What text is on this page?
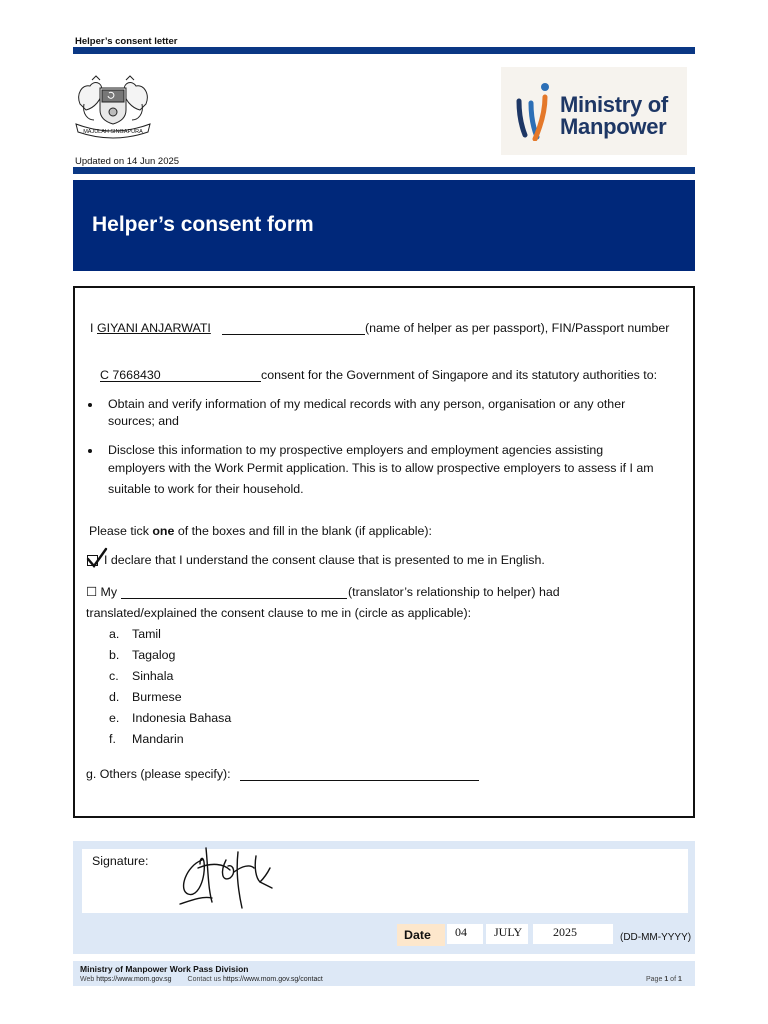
Helper’s consent letter
MAJULAH SINGAPURA
Ministry of
Manpower
Updated on 14 Jun 2025
Helper’s consent form
I GIYANI ANJARWATI	(name of helper as per passport), FIN/Passport number
C 7668430	consent for the Government of Singapore and its statutory authorities to:
Obtain and verify information of my medical records with any person, organisation or any other
sources; and
Disclose this information to my prospective employers and employment agencies assisting
employers with the Work Permit application. This is to allow prospective employers to assess if I am
suitable to work for their household.
Please tick one of the boxes and fill in the blank (if applicable):
I declare that I understand the consent clause that is presented to me in English.
☐ My	(translator’s relationship to helper) had
translated/explained the consent clause to me in (circle as applicable):
a. Tamil
b. Tagalog
c. Sinhala
d. Burmese
e. Indonesia Bahasa
f. Mandarin
g. Others (please specify):
Signature:
Date	04	JULY	2025	(DD-MM-YYYY)
Ministry of Manpower Work Pass Division
Web https://www.mom.gov.sg Contact us https://www.mom.gov.sg/contact	Page 1 of 1
